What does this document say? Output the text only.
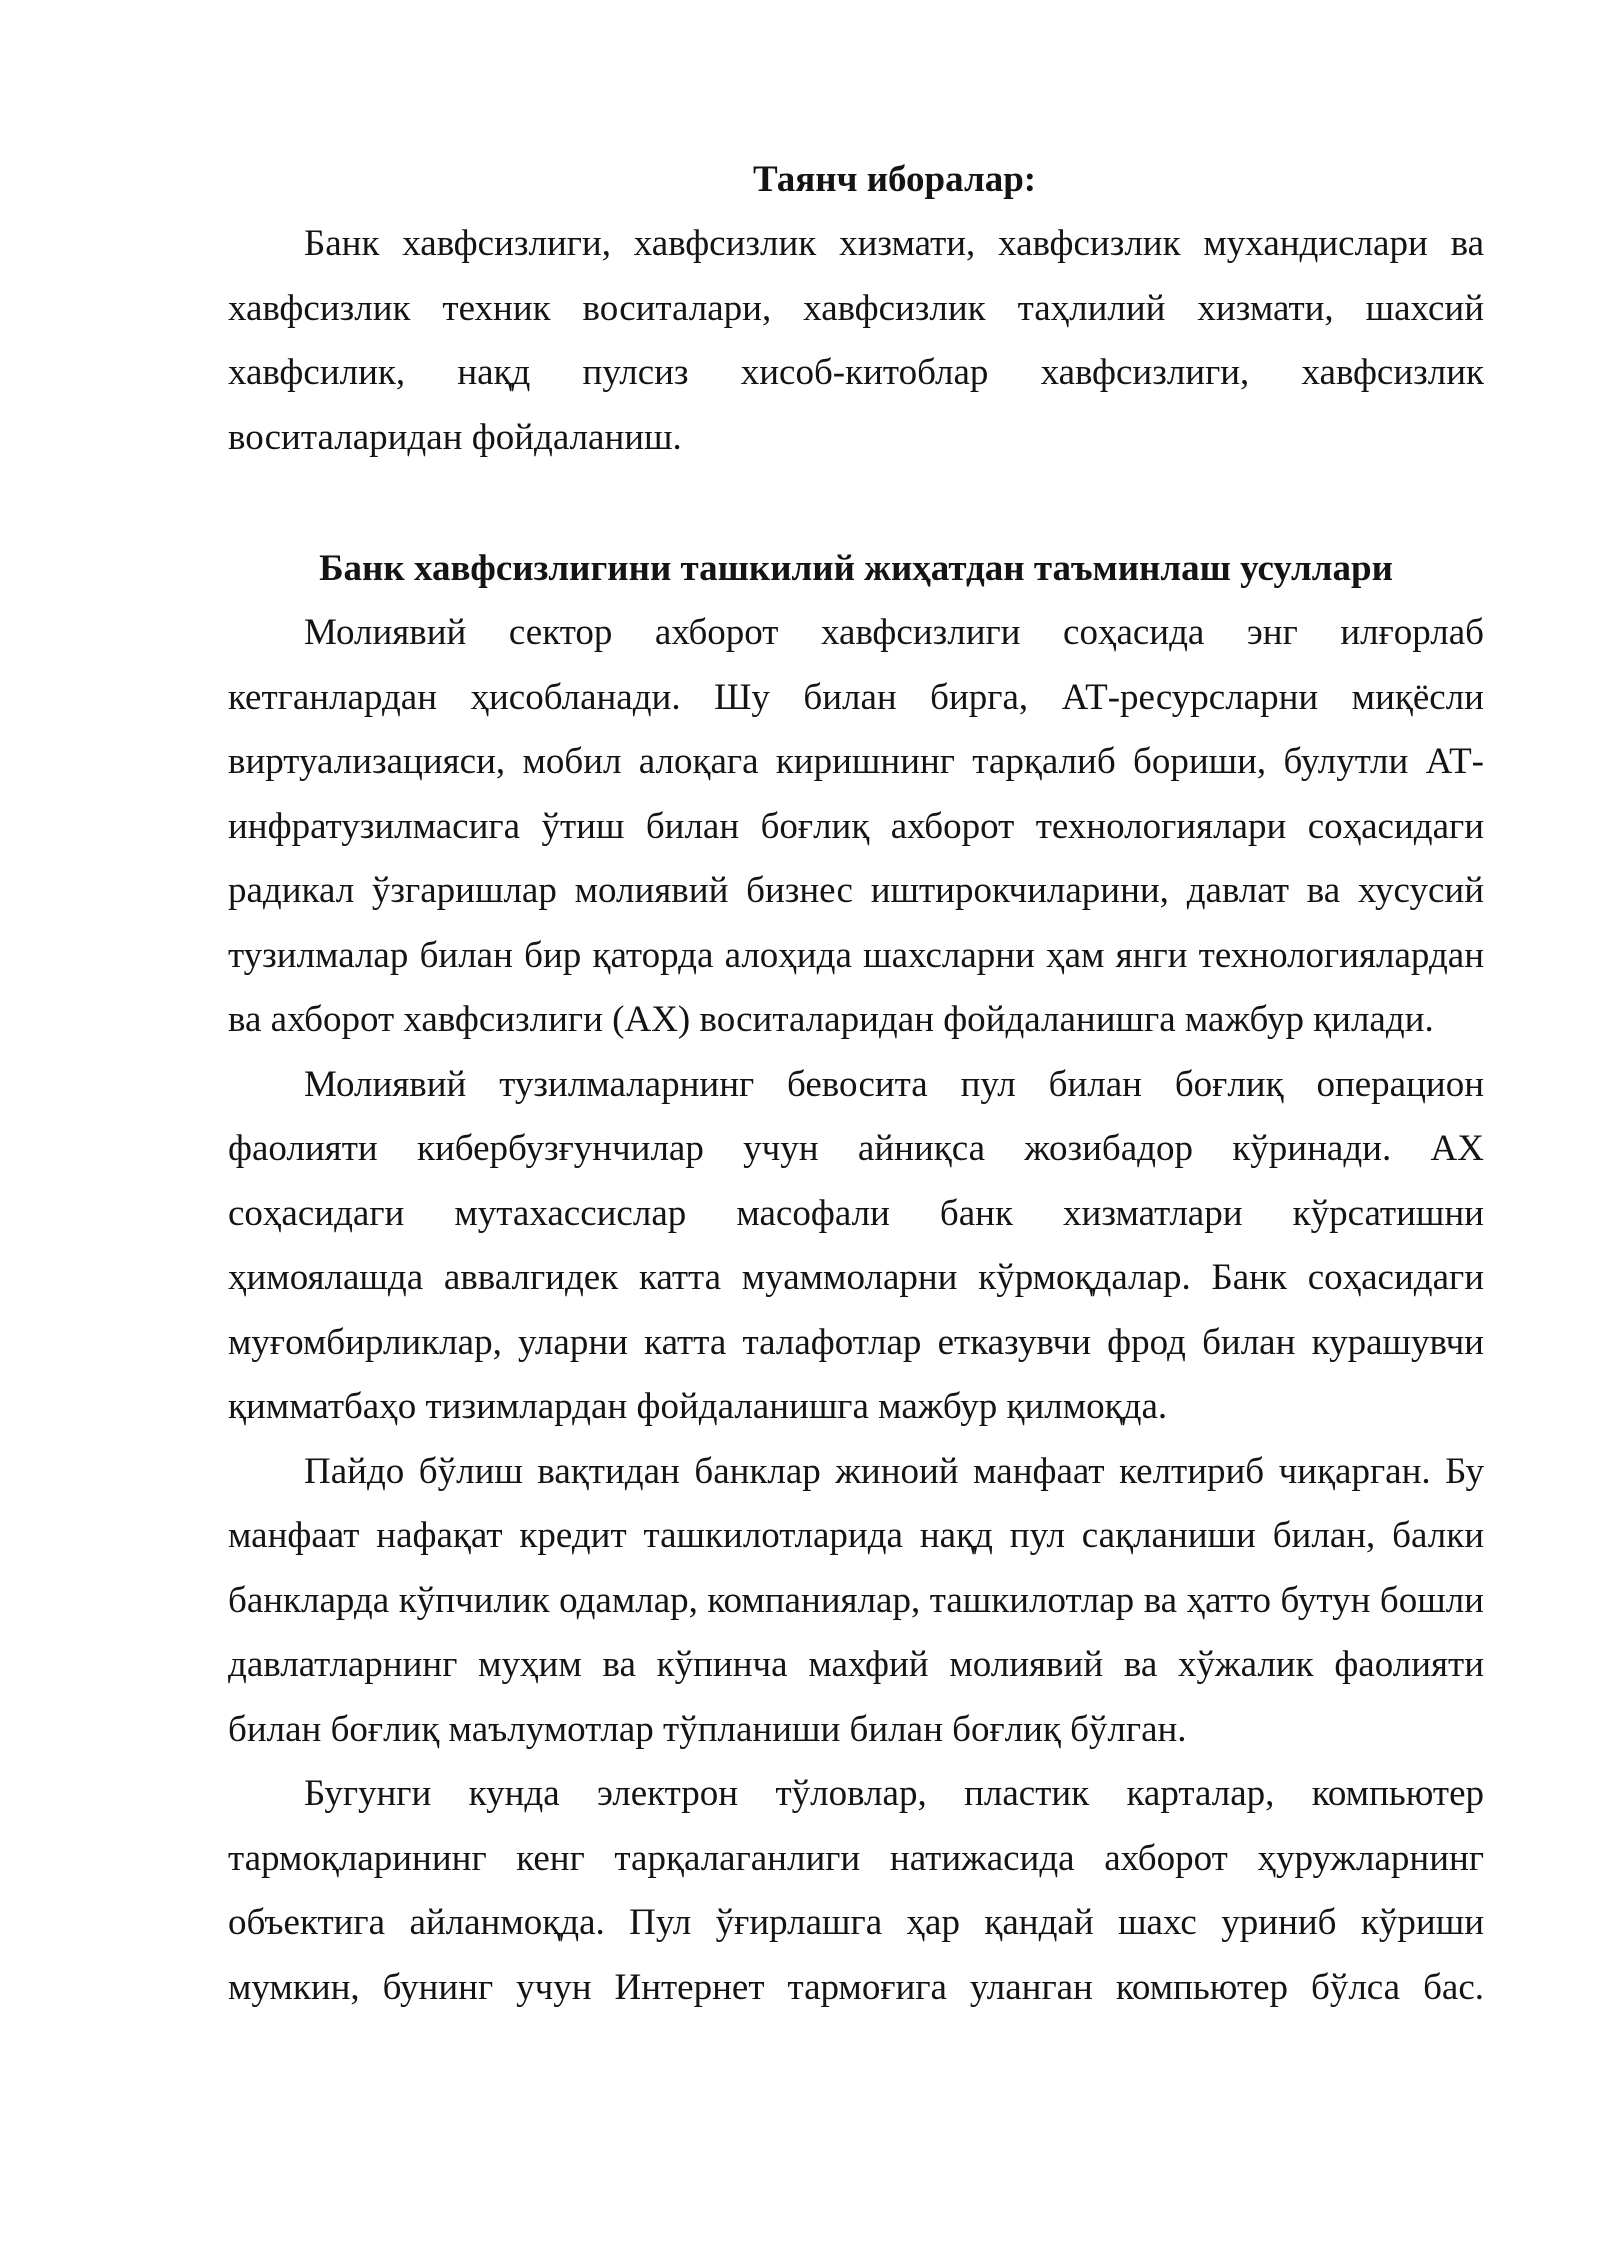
Таянч иборалар:

Банк хавфсизлиги, хавфсизлик хизмати, хавфсизлик мухандислари ва хавфсизлик техник воситалари, хавфсизлик таҳлилий хизмати, шахсий хавфсилик, нақд пулсиз хисоб-китоблар хавфсизлиги, хавфсизлик воситаларидан фойдаланиш.

Банк хавфсизлигини ташкилий жиҳатдан таъминлаш усуллари

Молиявий сектор ахборот хавфсизлиги соҳасида энг илғорлаб кетганлардан ҳисобланади. Шу билан бирга, АТ-ресурсларни миқёсли виртуализацияси, мобил алоқага киришнинг тарқалиб бориши, булутли АТ-инфратузилмасига ўтиш билан боғлиқ ахборот технологиялари соҳасидаги радикал ўзгаришлар молиявий бизнес иштирокчиларини, давлат ва хусусий тузилмалар билан бир қаторда алоҳида шахсларни ҳам янги технологиялардан ва ахборот хавфсизлиги (АХ) воситаларидан фойдаланишга мажбур қилади.

Молиявий тузилмаларнинг бевосита пул билан боғлиқ операцион фаолияти кибербузғунчилар учун айниқса жозибадор кўринади. АХ соҳасидаги мутахассислар масофали банк хизматлари кўрсатишни ҳимоялашда аввалгидек катта муаммоларни кўрмоқдалар. Банк соҳасидаги муғомбирликлар, уларни катта талафотлар етказувчи фрод билан курашувчи қимматбаҳо тизимлардан фойдаланишга мажбур қилмоқда.

Пайдо бўлиш вақтидан банклар жиноий манфаат келтириб чиқарган. Бу манфаат нафақат кредит ташкилотларида нақд пул сақланиши билан, балки банкларда кўпчилик одамлар, компаниялар, ташкилотлар ва ҳатто бутун бошли давлатларнинг муҳим ва кўпинча махфий молиявий ва хўжалик фаолияти билан боғлиқ маълумотлар тўпланиши билан боғлиқ бўлган.

Бугунги кунда электрон тўловлар, пластик карталар, компьютер тармоқларининг кенг тарқалаганлиги натижасида ахборот ҳуружларнинг объектига айланмоқда. Пул ўғирлашга ҳар қандай шахс уриниб кўриши мумкин, бунинг учун Интернет тармоғига уланган компьютер бўлса бас.
